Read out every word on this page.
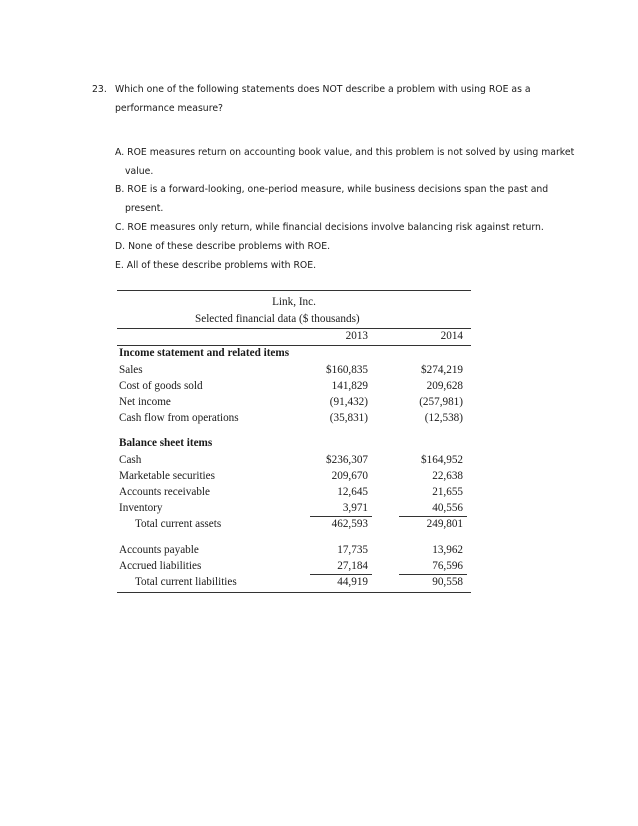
23. Which one of the following statements does NOT describe a problem with using ROE as a performance measure?
A. ROE measures return on accounting book value, and this problem is not solved by using market
value.
B. ROE is a forward-looking, one-period measure, while business decisions span the past and
present.
C. ROE measures only return, while financial decisions involve balancing risk against return.
D. None of these describe problems with ROE.
E. All of these describe problems with ROE.
Link, Inc.
Selected financial data ($ thousands)
2013	2014
Income statement and related items
Sales	$160,835	$274,219
Cost of goods sold	141,829	209,628
Net income	(91,432)	(257,981)
Cash flow from operations	(35,831)	(12,538)
Balance sheet items
Cash	$236,307	$164,952
Marketable securities	209,670	22,638
Accounts receivable	12,645	21,655
Inventory	3,971	40,556
Total current assets	462,593	249,801
Accounts payable	17,735	13,962
Accrued liabilities	27,184	76,596
Total current liabilities	44,919	90,558
